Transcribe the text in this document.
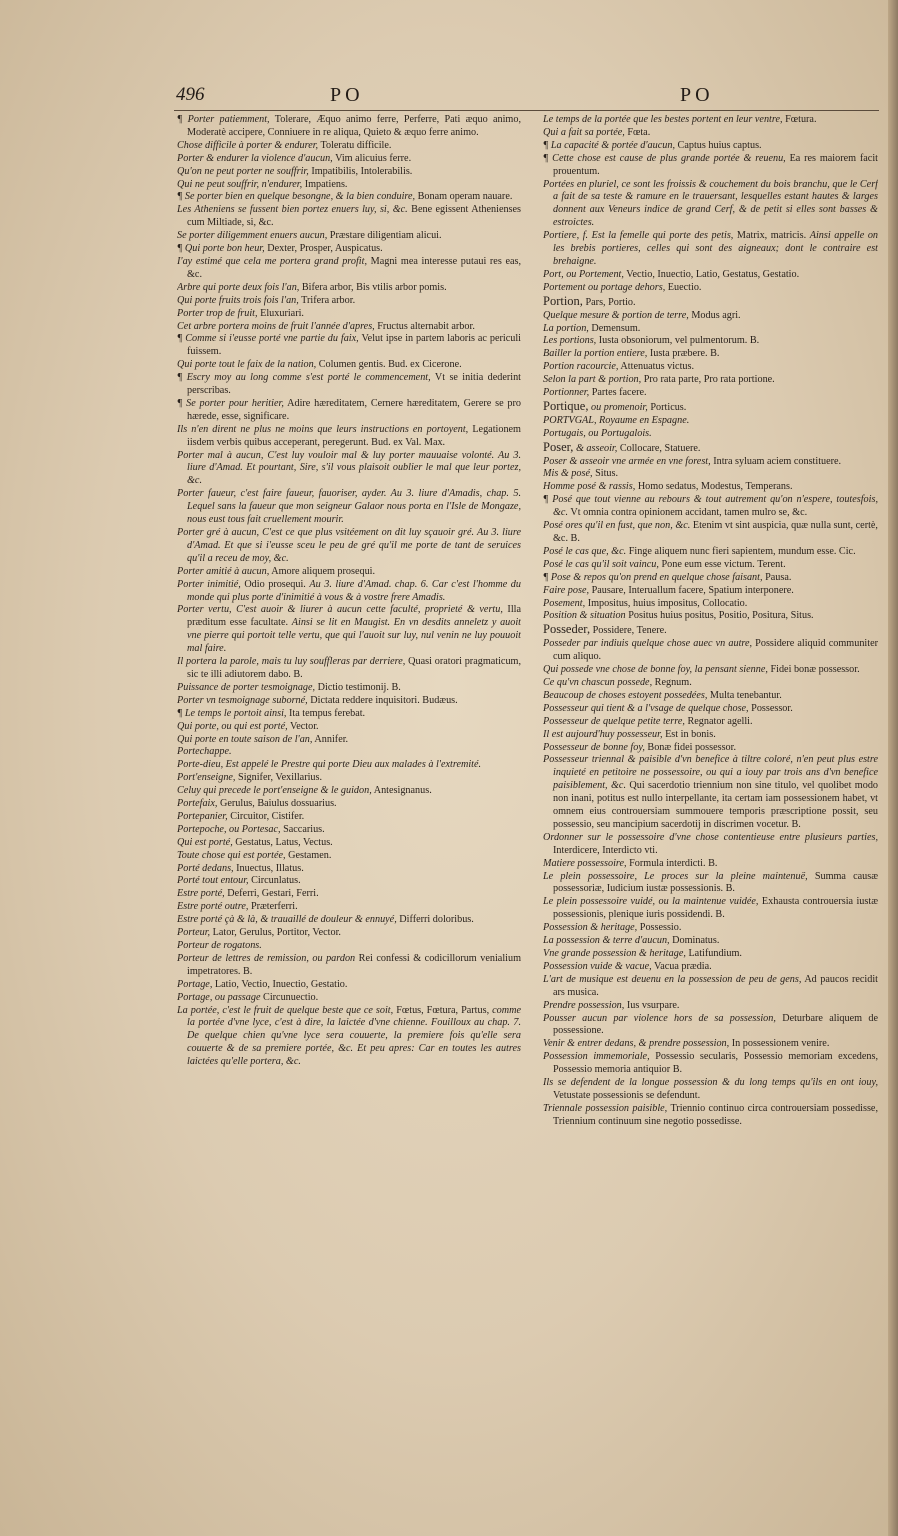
496	PO	PO

¶ Porter patiemment, Tolerare, Æquo animo ferre, Perferre, Pati æquo animo, Moderatè accipere, Conniuere in re aliqua, Quieto & æquo ferre animo.

Chose difficile à porter & endurer, Toleratu difficile.

Porter & endurer la violence d'aucun, Vim alicuius ferre.

Qu'on ne peut porter ne souffrir, Impatibilis, Intolerabilis.

Qui ne peut souffrir, n'endurer, Impatiens.

¶ Se porter bien en quelque besongne, & la bien conduire, Bonam operam nauare.

Les Atheniens se fussent bien portez enuers luy, si, &c. Bene egissent Athenienses cum Miltiade, si, &c.

Se porter diligemment enuers aucun, Præstare diligentiam alicui.

¶ Qui porte bon heur, Dexter, Prosper, Auspicatus.

I'ay estimé que cela me portera grand profit, Magni mea interesse putaui res eas, &c.

Arbre qui porte deux fois l'an, Bifera arbor, Bis vtilis arbor pomis.

Qui porte fruits trois fois l'an, Trifera arbor.

Porter trop de fruit, Eluxuriari.

Cet arbre portera moins de fruit l'année d'apres, Fructus alternabit arbor.

¶ Comme si i'eusse porté vne partie du faix, Velut ipse in partem laboris ac periculi fuissem.

Qui porte tout le faix de la nation, Columen gentis. Bud. ex Cicerone.

¶ Escry moy au long comme s'est porté le commencement, Vt se initia dederint perscribas.

¶ Se porter pour heritier, Adire hæreditatem, Cernere hæreditatem, Gerere se pro hærede, esse, significare.

Ils n'en dirent ne plus ne moins que leurs instructions en portoyent, Legationem iisdem verbis quibus acceperant, peregerunt. Bud. ex Val. Max.

Porter mal à aucun, C'est luy vouloir mal & luy porter mauuaise volonté. Au 3. liure d'Amad. Et pourtant, Sire, s'il vous plaisoit oublier le mal que leur portez, &c.

Porter faueur, c'est faire faueur, fauoriser, ayder. Au 3. liure d'Amadis, chap. 5. Lequel sans la faueur que mon seigneur Galaor nous porta en l'Isle de Mongaze, nous eust tous fait cruellement mourir.

Porter gré à aucun, C'est ce que plus vsitéement on dit luy sçauoir gré. Au 3. liure d'Amad. Et que si i'eusse sceu le peu de gré qu'il me porte de tant de seruices qu'il a receu de moy, &c.

Porter amitié à aucun, Amore aliquem prosequi.

Porter inimitié, Odio prosequi. Au 3. liure d'Amad. chap. 6. Car c'est l'homme du monde qui plus porte d'inimitié à vous & à vostre frere Amadis.

Porter vertu, C'est auoir & liurer à aucun cette faculté, proprieté & vertu, Illa præditum esse facultate. Ainsi se lit en Maugist. En vn desdits anneletz y auoit vne pierre qui portoit telle vertu, que qui l'auoit sur luy, nul venin ne luy pouuoit mal faire.

Il portera la parole, mais tu luy souffleras par derriere, Quasi oratori pragmaticum, sic te illi adiutorem dabo. B.

Puissance de porter tesmoignage, Dictio testimonij. B.

Porter vn tesmoignage suborné, Dictata reddere inquisitori. Budæus.

¶ Le temps le portoit ainsi, Ita tempus ferebat.

Qui porte, ou qui est porté, Vector.

Qui porte en toute saison de l'an, Annifer.

Portechappe.

Porte-dieu, Est appelé le Prestre qui porte Dieu aux malades à l'extremité.

Port'enseigne, Signifer, Vexillarius.

Celuy qui precede le port'enseigne & le guidon, Antesignanus.

Portefaix, Gerulus, Baiulus dossuarius.

Portepanier, Circuitor, Cistifer.

Portepoche, ou Portesac, Saccarius.

Qui est porté, Gestatus, Latus, Vectus.

Toute chose qui est portée, Gestamen.

Porté dedans, Inuectus, Illatus.

Porté tout entour, Circunlatus.

Estre porté, Deferri, Gestari, Ferri.

Estre porté outre, Præterferri.

Estre porté çà & là, & trauaillé de douleur & ennuyé, Differri doloribus.

Porteur, Lator, Gerulus, Portitor, Vector.

Porteur de rogatons.

Porteur de lettres de remission, ou pardon Rei confessi & codicillorum venialium impetratores. B.

Portage, Latio, Vectio, Inuectio, Gestatio.

Portage, ou passage Circunuectio.

La portée, c'est le fruit de quelque beste que ce soit, Fœtus, Fœtura, Partus, comme la portée d'vne lyce, c'est à dire, la laictée d'vne chienne. Fouilloux au chap. 7. De quelque chien qu'vne lyce sera couuerte, la premiere fois qu'elle sera couuerte & de sa premiere portée, &c. Et peu apres: Car en toutes les autres laictées qu'elle portera, &c.

Le temps de la portée que les bestes portent en leur ventre, Fœtura.

Qui a fait sa portée, Fœta.

¶ La capacité & portée d'aucun, Captus huius captus.

¶ Cette chose est cause de plus grande portée & reuenu, Ea res maiorem facit prouentum.

Portées en pluriel, ce sont les froissis & couchement du bois branchu, que le Cerf a fait de sa teste & ramure en le trauersant, lesquelles estant hautes & larges donnent aux Veneurs indice de grand Cerf, & de petit si elles sont basses & estroictes.

Portiere, f. Est la femelle qui porte des petis, Matrix, matricis. Ainsi appelle on les brebis portieres, celles qui sont des aigneaux; dont le contraire est brehaigne.

Port, ou Portement, Vectio, Inuectio, Latio, Gestatus, Gestatio.

Portement ou portage dehors, Euectio.

Portion, Pars, Portio.

Quelque mesure & portion de terre, Modus agri.

La portion, Demensum.

Les portions, Iusta obsoniorum, vel pulmentorum. B.

Bailler la portion entiere, Iusta præbere. B.

Portion racourcie, Attenuatus victus.

Selon la part & portion, Pro rata parte, Pro rata portione.

Portionner, Partes facere.

Portique, ou promenoir, Porticus.

PORTVGAL, Royaume en Espagne.

Portugais, ou Portugalois.

Poser, & asseoir, Collocare, Statuere.

Poser & asseoir vne armée en vne forest, Intra syluam aciem constituere.

Mis & posé, Situs.

Homme posé & rassis, Homo sedatus, Modestus, Temperans.

¶ Posé que tout vienne au rebours & tout autrement qu'on n'espere, toutesfois, &c. Vt omnia contra opinionem accidant, tamen mulro se, &c.

Posé ores qu'il en fust, que non, &c. Etenim vt sint auspicia, quæ nulla sunt, certè, &c. B.

Posé le cas que, &c. Finge aliquem nunc fieri sapientem, mundum esse. Cic.

Posé le cas qu'il soit vaincu, Pone eum esse victum. Terent.

¶ Pose & repos qu'on prend en quelque chose faisant, Pausa.

Faire pose, Pausare, Interuallum facere, Spatium interponere.

Posement, Impositus, huius impositus, Collocatio.

Position & situation Positus huius positus, Positio, Positura, Situs.

Posseder, Possidere, Tenere.

Posseder par indiuis quelque chose auec vn autre, Possidere aliquid communiter cum aliquo.

Qui possede vne chose de bonne foy, la pensant sienne, Fidei bonæ possessor.

Ce qu'vn chascun possede, Regnum.

Beaucoup de choses estoyent possedées, Multa tenebantur.

Possesseur qui tient & a l'vsage de quelque chose, Possessor.

Possesseur de quelque petite terre, Regnator agelli.

Il est aujourd'huy possesseur, Est in bonis.

Possesseur de bonne foy, Bonæ fidei possessor.

Possesseur triennal & paisible d'vn benefice à tiltre coloré, n'en peut plus estre inquieté en petitoire ne possessoire, ou qui a iouy par trois ans d'vn benefice paisiblement, &c. Qui sacerdotio triennium non sine titulo, vel quolibet modo non inani, potitus est nullo interpellante, ita certam iam possessionem habet, vt omnem eius controuersiam summouere temporis præscriptione possit, seu possessio, seu mancipium sacerdotij in discrimen vocetur. B.

Ordonner sur le possessoire d'vne chose contentieuse entre plusieurs parties, Interdicere, Interdicto vti.

Matiere possessoire, Formula interdicti. B.

Le plein possessoire, Le proces sur la pleine maintenuë, Summa causæ possessoriæ, Iudicium iustæ possessionis. B.

Le plein possessoire vuidé, ou la maintenue vuidée, Exhausta controuersia iustæ possessionis, plenique iuris possidendi. B.

Possession & heritage, Possessio.

La possession & terre d'aucun, Dominatus.

Vne grande possession & heritage, Latifundium.

Possession vuide & vacue, Vacua prædia.

L'art de musique est deuenu en la possession de peu de gens, Ad paucos recidit ars musica.

Prendre possession, Ius vsurpare.

Pousser aucun par violence hors de sa possession, Deturbare aliquem de possessione.

Venir & entrer dedans, & prendre possession, In possessionem venire.

Possession immemoriale, Possessio secularis, Possessio memoriam excedens, Possessio memoria antiquior B.

Ils se defendent de la longue possession & du long temps qu'ils en ont iouy, Vetustate possessionis se defendunt.

Triennale possession paisible, Triennio continuo circa controuersiam possedisse, Triennium continuum sine negotio possedisse.
